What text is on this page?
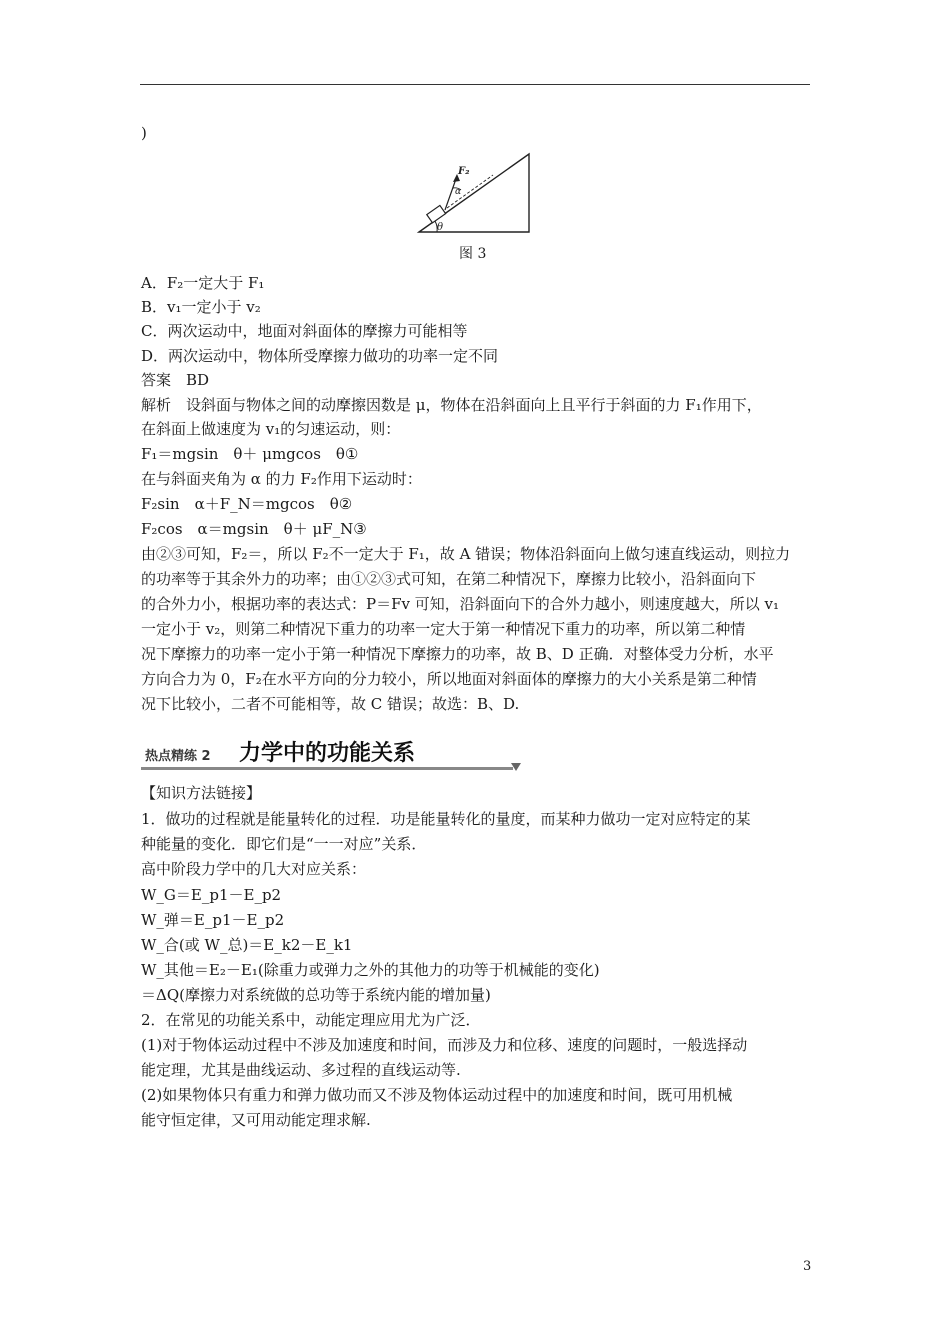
)
θ
F₂
α
图 3
A．F₂一定大于 F₁
B．v₁一定小于 v₂
C．两次运动中，地面对斜面体的摩擦力可能相等
D．两次运动中，物体所受摩擦力做功的功率一定不同
答案　BD
解析　设斜面与物体之间的动摩擦因数是 μ，物体在沿斜面向上且平行于斜面的力 F₁作用下，
在斜面上做速度为 v₁的匀速运动，则：
F₁＝mgsin　θ＋ μmgcos　θ①
在与斜面夹角为 α 的力 F₂作用下运动时：
F₂sin　α＋F_N＝mgcos　θ②
F₂cos　α＝mgsin　θ＋ μF_N③
由②③可知，F₂＝，所以 F₂不一定大于 F₁，故 A 错误；物体沿斜面向上做匀速直线运动，则拉力
的功率等于其余外力的功率；由①②③式可知，在第二种情况下，摩擦力比较小，沿斜面向下
的合外力小，根据功率的表达式：P＝Fv 可知，沿斜面向下的合外力越小，则速度越大，所以 v₁
一定小于 v₂，则第二种情况下重力的功率一定大于第一种情况下重力的功率，所以第二种情
况下摩擦力的功率一定小于第一种情况下摩擦力的功率，故 B、D 正确．对整体受力分析，水平
方向合力为 0，F₂在水平方向的分力较小，所以地面对斜面体的摩擦力的大小关系是第二种情
况下比较小，二者不可能相等，故 C 错误；故选：B、D.
热点精练 2 力学中的功能关系
【知识方法链接】
1．做功的过程就是能量转化的过程．功是能量转化的量度，而某种力做功一定对应特定的某
种能量的变化．即它们是“一一对应”关系．
高中阶段力学中的几大对应关系：
W_G＝E_p1－E_p2
W_弹＝E_p1－E_p2
W_合(或 W_总)＝E_k2－E_k1
W_其他＝E₂－E₁(除重力或弹力之外的其他力的功等于机械能的变化)
＝ΔQ(摩擦力对系统做的总功等于系统内能的增加量)
2．在常见的功能关系中，动能定理应用尤为广泛．
(1)对于物体运动过程中不涉及加速度和时间，而涉及力和位移、速度的问题时，一般选择动
能定理，尤其是曲线运动、多过程的直线运动等.
(2)如果物体只有重力和弹力做功而又不涉及物体运动过程中的加速度和时间，既可用机械
能守恒定律，又可用动能定理求解.
3
